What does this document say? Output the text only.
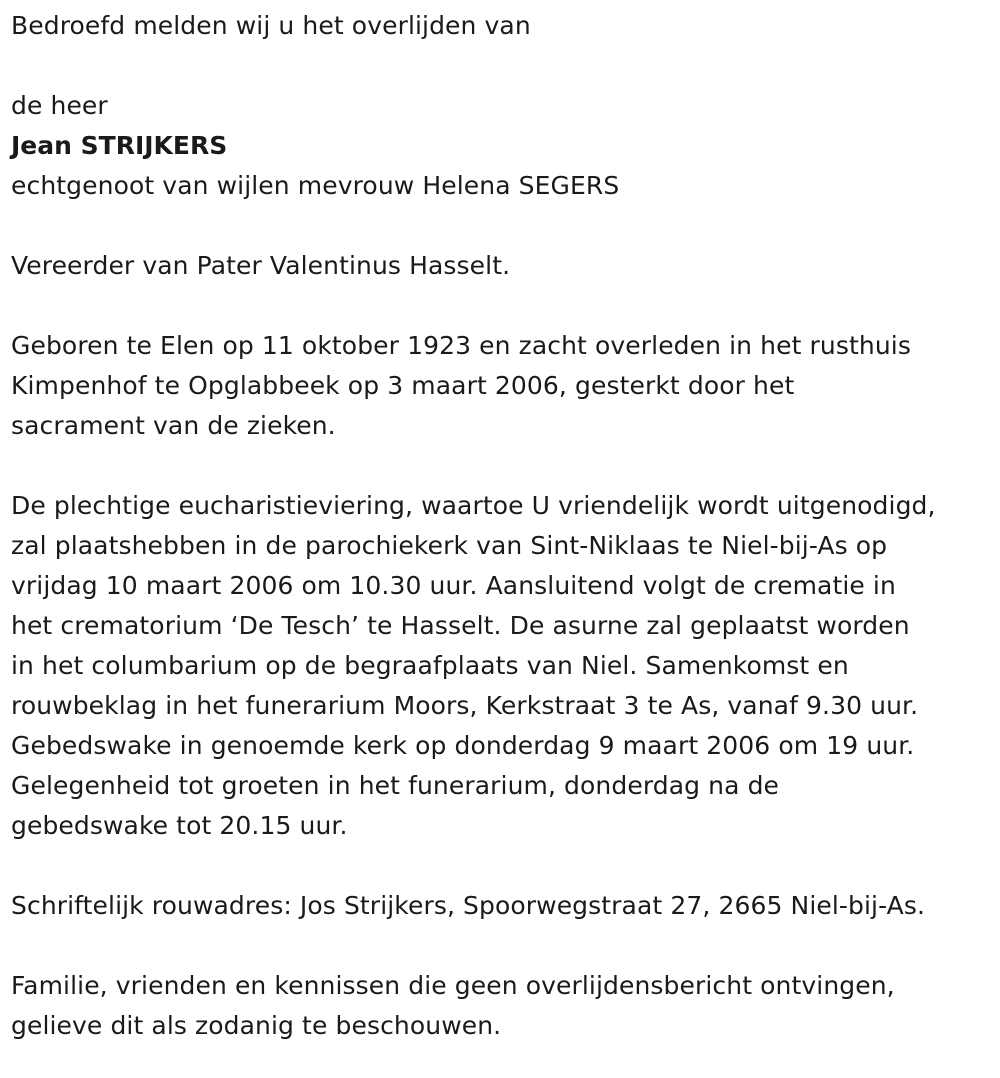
Bedroefd melden wij u het overlijden van
de heer
Jean STRIJKERS
echtgenoot van wijlen mevrouw Helena SEGERS
Vereerder van Pater Valentinus Hasselt.
Geboren te Elen op 11 oktober 1923 en zacht overleden in het rusthuis
Kimpenhof te Opglabbeek op 3 maart 2006, gesterkt door het
sacrament van de zieken.
De plechtige eucharistieviering, waartoe U vriendelijk wordt uitgenodigd,
zal plaatshebben in de parochiekerk van Sint-Niklaas te Niel-bij-As op
vrijdag 10 maart 2006 om 10.30 uur. Aansluitend volgt de crematie in
het crematorium ‘De Tesch’ te Hasselt. De asurne zal geplaatst worden
in het columbarium op de begraafplaats van Niel. Samenkomst en
rouwbeklag in het funerarium Moors, Kerkstraat 3 te As, vanaf 9.30 uur.
Gebedswake in genoemde kerk op donderdag 9 maart 2006 om 19 uur.
Gelegenheid tot groeten in het funerarium, donderdag na de
gebedswake tot 20.15 uur.
Schriftelijk rouwadres: Jos Strijkers, Spoorwegstraat 27, 2665 Niel-bij-As.
Familie, vrienden en kennissen die geen overlijdensbericht ontvingen,
gelieve dit als zodanig te beschouwen.
